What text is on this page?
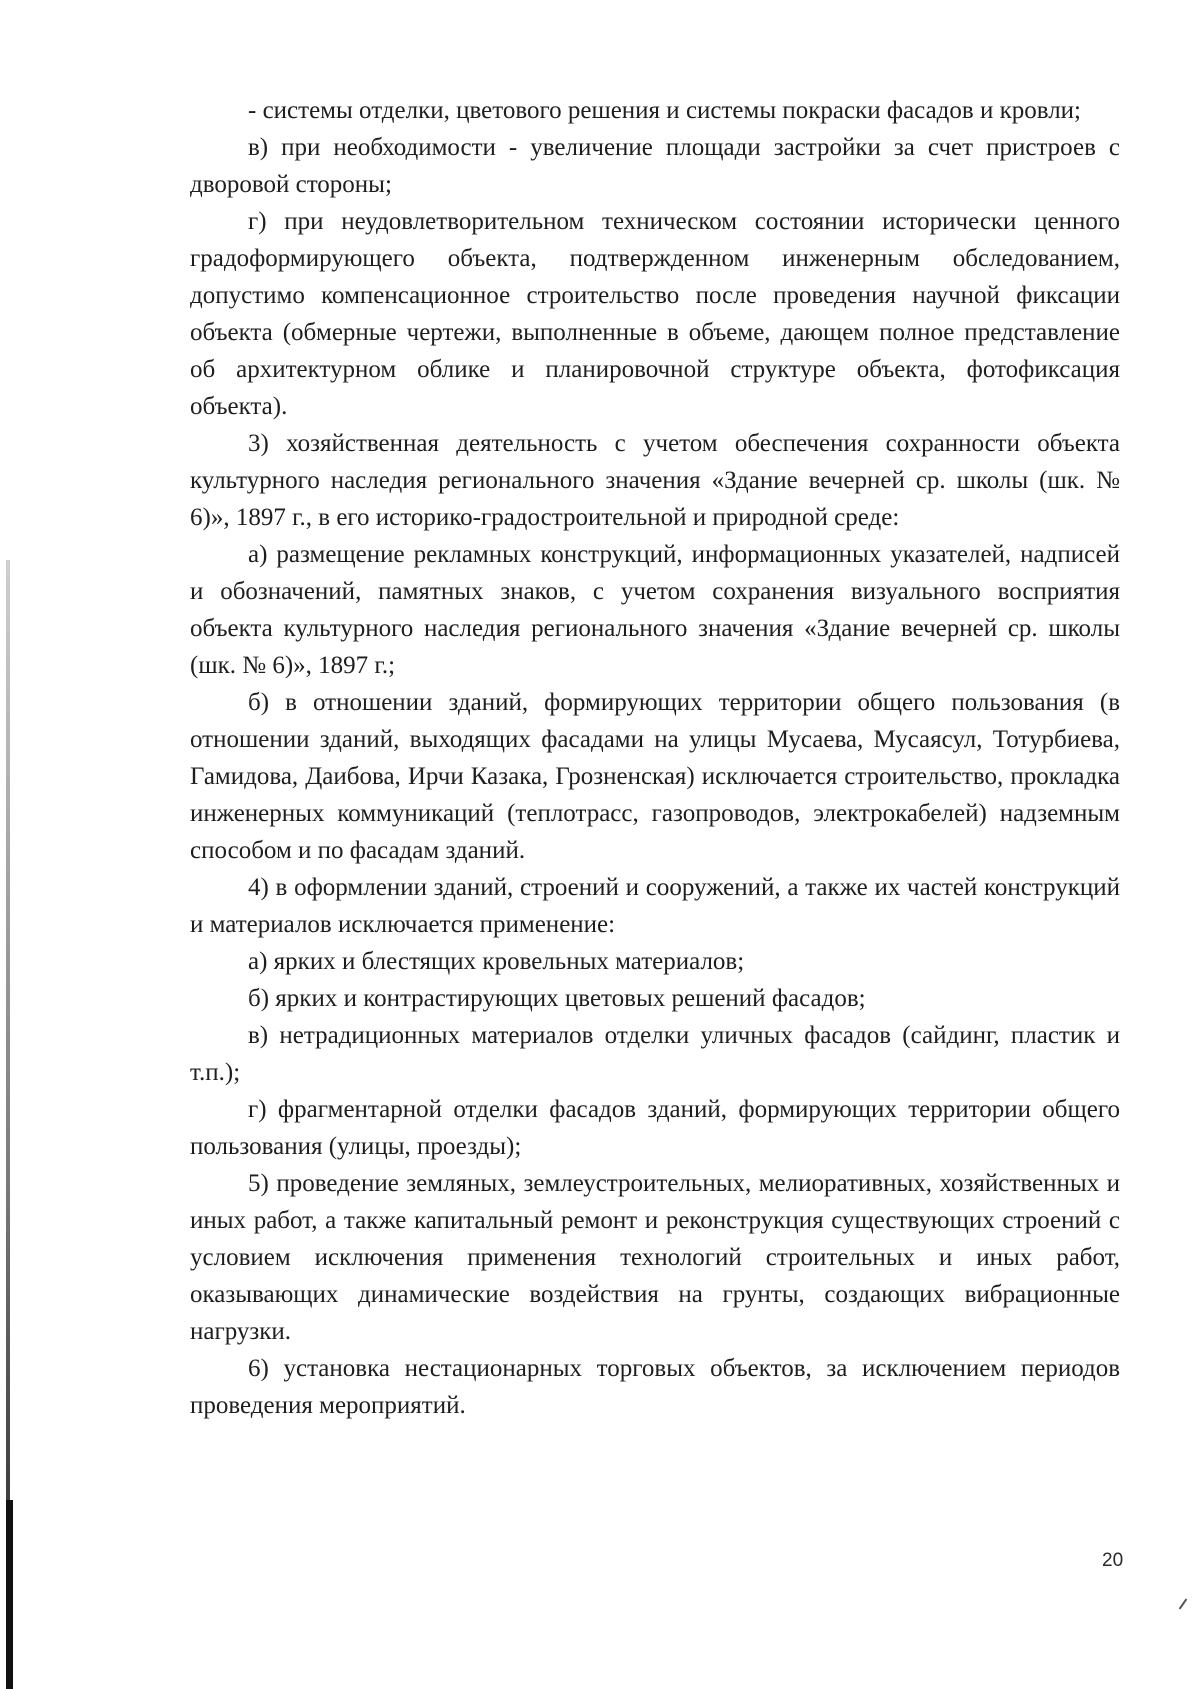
- системы отделки, цветового решения и системы покраски фасадов и кровли;

в) при необходимости - увеличение площади застройки за счет пристроев с дворовой стороны;

г) при неудовлетворительном техническом состоянии исторически ценного градоформирующего объекта, подтвержденном инженерным обследованием, допустимо компенсационное строительство после проведения научной фиксации объекта (обмерные чертежи, выполненные в объеме, дающем полное представление об архитектурном облике и планировочной структуре объекта, фотофиксация объекта).

3) хозяйственная деятельность с учетом обеспечения сохранности объекта культурного наследия регионального значения «Здание вечерней ср. школы (шк. № 6)», 1897 г., в его историко-градостроительной и природной среде:

а) размещение рекламных конструкций, информационных указателей, надписей и обозначений, памятных знаков, с учетом сохранения визуального восприятия объекта культурного наследия регионального значения «Здание вечерней ср. школы (шк. № 6)», 1897 г.;

б) в отношении зданий, формирующих территории общего пользования (в отношении зданий, выходящих фасадами на улицы Мусаева, Мусаясул, Тотурбиева, Гамидова, Даибова, Ирчи Казака, Грозненская) исключается строительство, прокладка инженерных коммуникаций (теплотрасс, газопроводов, электрокабелей) надземным способом и по фасадам зданий.

4) в оформлении зданий, строений и сооружений, а также их частей конструкций и материалов исключается применение:

а) ярких и блестящих кровельных материалов;

б) ярких и контрастирующих цветовых решений фасадов;

в) нетрадиционных материалов отделки уличных фасадов (сайдинг, пластик и т.п.);

г) фрагментарной отделки фасадов зданий, формирующих территории общего пользования (улицы, проезды);

5) проведение земляных, землеустроительных, мелиоративных, хозяйственных и иных работ, а также капитальный ремонт и реконструкция существующих строений с условием исключения применения технологий строительных и иных работ, оказывающих динамические воздействия на грунты, создающих вибрационные нагрузки.

6) установка нестационарных торговых объектов, за исключением периодов проведения мероприятий.

20
